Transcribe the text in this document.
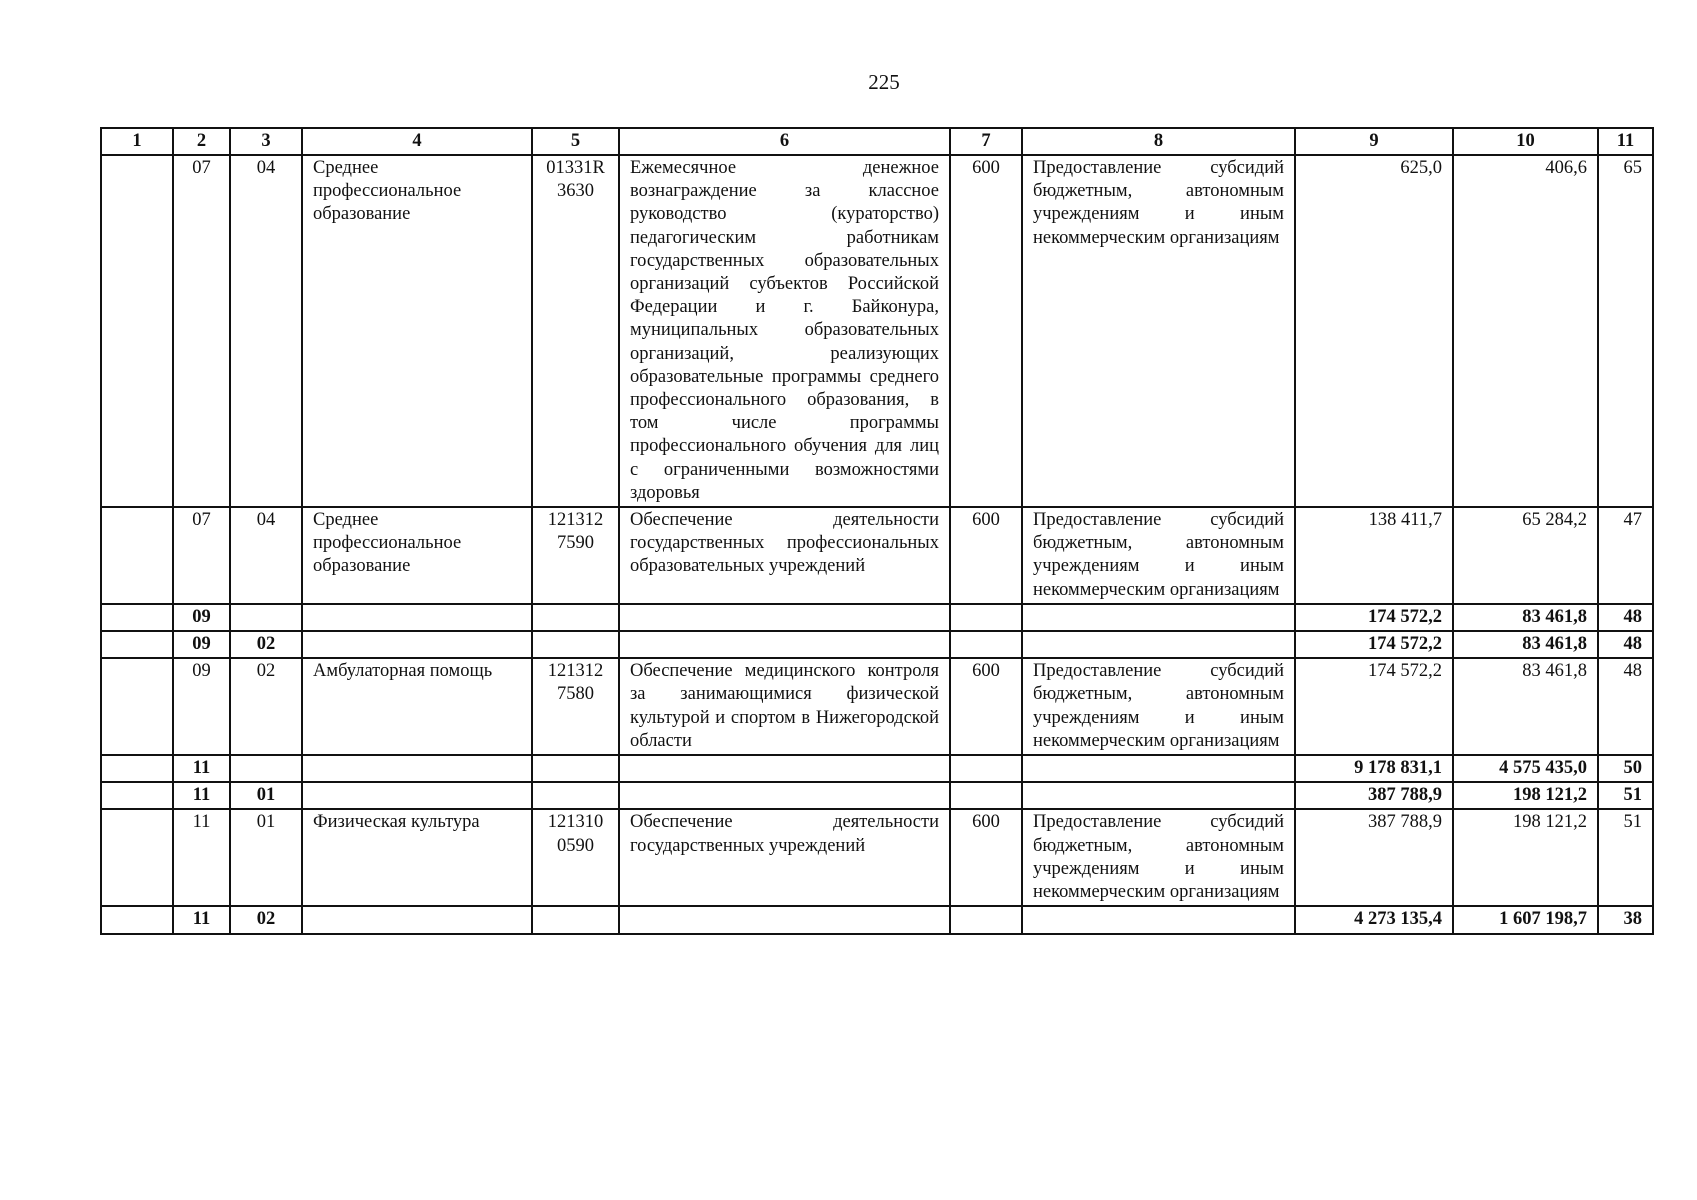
225
1	2	3	4	5	6	7	8	9	10	11
	07	04	Среднее профессиональное образование	01331R 3630	Ежемесячное денежное вознаграждение за классное руководство (кураторство) педагогическим работникам государственных образовательных организаций субъектов Российской Федерации и г. Байконура, муниципальных образовательных организаций, реализующих образовательные программы среднего профессионального образования, в том числе программы профессионального обучения для лиц с ограниченными возможностями здоровья	600	Предоставление субсидий бюджетным, автономным учреждениям и иным некоммерческим организациям	625,0	406,6	65
	07	04	Среднее профессиональное образование	121312 7590	Обеспечение деятельности государственных профессиональных образовательных учреждений	600	Предоставление субсидий бюджетным, автономным учреждениям и иным некоммерческим организациям	138 411,7	65 284,2	47
	09							174 572,2	83 461,8	48
	09	02						174 572,2	83 461,8	48
	09	02	Амбулаторная помощь	121312 7580	Обеспечение медицинского контроля за занимающимися физической культурой и спортом в Нижегородской области	600	Предоставление субсидий бюджетным, автономным учреждениям и иным некоммерческим организациям	174 572,2	83 461,8	48
	11							9 178 831,1	4 575 435,0	50
	11	01						387 788,9	198 121,2	51
	11	01	Физическая культура	121310 0590	Обеспечение деятельности государственных учреждений	600	Предоставление субсидий бюджетным, автономным учреждениям и иным некоммерческим организациям	387 788,9	198 121,2	51
	11	02						4 273 135,4	1 607 198,7	38
